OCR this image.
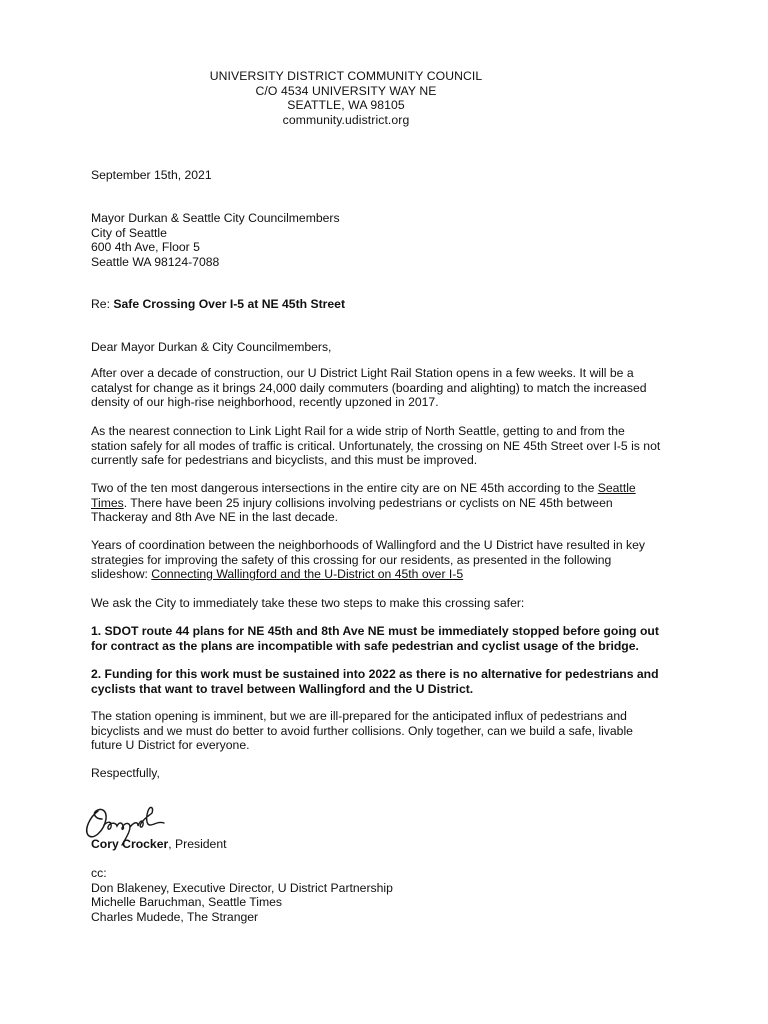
UNIVERSITY DISTRICT COMMUNITY COUNCIL
C/O 4534 UNIVERSITY WAY NE
SEATTLE, WA 98105
community.udistrict.org
September 15th, 2021
Mayor Durkan & Seattle City Councilmembers
City of Seattle
600 4th Ave, Floor 5
Seattle WA 98124-7088
Re: Safe Crossing Over I-5 at NE 45th Street
Dear Mayor Durkan & City Councilmembers,

After over a decade of construction, our U District Light Rail Station opens in a few weeks. It will be a
catalyst for change as it brings 24,000 daily commuters (boarding and alighting) to match the increased
density of our high-rise neighborhood, recently upzoned in 2017.

As the nearest connection to Link Light Rail for a wide strip of North Seattle, getting to and from the
station safely for all modes of traffic is critical. Unfortunately, the crossing on NE 45th Street over I-5 is not
currently safe for pedestrians and bicyclists, and this must be improved.

Two of the ten most dangerous intersections in the entire city are on NE 45th according to the Seattle
Times. There have been 25 injury collisions involving pedestrians or cyclists on NE 45th between
Thackeray and 8th Ave NE in the last decade.

Years of coordination between the neighborhoods of Wallingford and the U District have resulted in key
strategies for improving the safety of this crossing for our residents, as presented in the following
slideshow: Connecting Wallingford and the U-District on 45th over I-5

We ask the City to immediately take these two steps to make this crossing safer:

1. SDOT route 44 plans for NE 45th and 8th Ave NE must be immediately stopped before going out
for contract as the plans are incompatible with safe pedestrian and cyclist usage of the bridge.

2. Funding for this work must be sustained into 2022 as there is no alternative for pedestrians and
cyclists that want to travel between Wallingford and the U District.

The station opening is imminent, but we are ill-prepared for the anticipated influx of pedestrians and
bicyclists and we must do better to avoid further collisions. Only together, can we build a safe, livable
future U District for everyone.

Respectfully,
Cory Crocker, President
cc:
Don Blakeney, Executive Director, U District Partnership
Michelle Baruchman, Seattle Times
Charles Mudede, The Stranger
